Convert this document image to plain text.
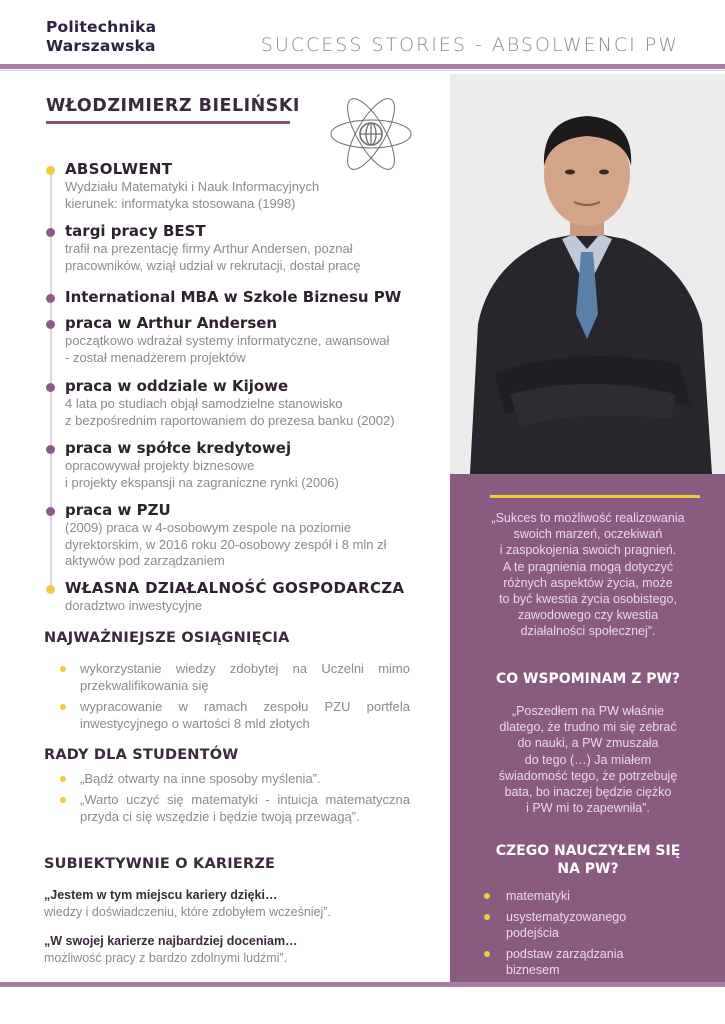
Politechnika
Warszawska	SUCCESS STORIES - ABSOLWENCI PW
WŁODZIMIERZ BIELIŃSKI
ABSOLWENT
Wydziału Matematyki i Nauk Informacyjnych
kierunek: informatyka stosowana (1998)
targi pracy BEST
trafił na prezentację firmy Arthur Andersen, poznał
pracowników, wziął udział w rekrutacji, dostał pracę
International MBA w Szkole Biznesu PW
praca w Arthur Andersen
początkowo wdrażał systemy informatyczne, awansował
- został menadżerem projektów
praca w oddziale w Kijowe
4 lata po studiach objął samodzielne stanowisko
z bezpośrednim raportowaniem do prezesa banku (2002)
praca w spółce kredytowej
opracowywał projekty biznesowe
i projekty ekspansji na zagraniczne rynki (2006)
praca w PZU
(2009) praca w 4-osobowym zespole na poziomie
dyrektorskim, w 2016 roku 20-osobowy zespół i 8 mln zł
aktywów pod zarządzaniem
WŁASNA DZIAŁALNOŚĆ GOSPODARCZA
doradztwo inwestycyjne
NAJWAŻNIEJSZE OSIĄGNIĘCIA
wykorzystanie wiedzy zdobytej na Uczelni mimo przekwalifikowania się
wypracowanie w ramach zespołu PZU portfela inwestycyjnego o wartości 8 mld złotych
RADY DLA STUDENTÓW
„Bądź otwarty na inne sposoby myślenia”.
„Warto uczyć się matematyki - intuicja matematyczna przyda ci się wszędzie i będzie twoją przewagą”.
SUBIEKTYWNIE O KARIERZE
„Jestem w tym miejscu kariery dzięki…
wiedzy i doświadczeniu, które zdobyłem wcześniej”.
„W swojej karierze najbardziej doceniam…
możliwość pracy z bardzo zdolnymi ludźmi”.
„Sukces to możliwość realizowania
swoich marzeń, oczekiwań
i zaspokojenia swoich pragnień.
A te pragnienia mogą dotyczyć
różnych aspektów życia, może
to być kwestia życia osobistego,
zawodowego czy kwestia
działalności społecznej”.
CO WSPOMINAM Z PW?
„Poszedłem na PW właśnie
dlatego, że trudno mi się zebrać
do nauki, a PW zmuszała
do tego (…) Ja miałem
świadomość tego, że potrzebuję
bata, bo inaczej będzie ciężko
i PW mi to zapewniła”.
CZEGO NAUCZYŁEM SIĘ
NA PW?
matematyki
usystematyzowanego
podejścia
podstaw zarządzania
biznesem
